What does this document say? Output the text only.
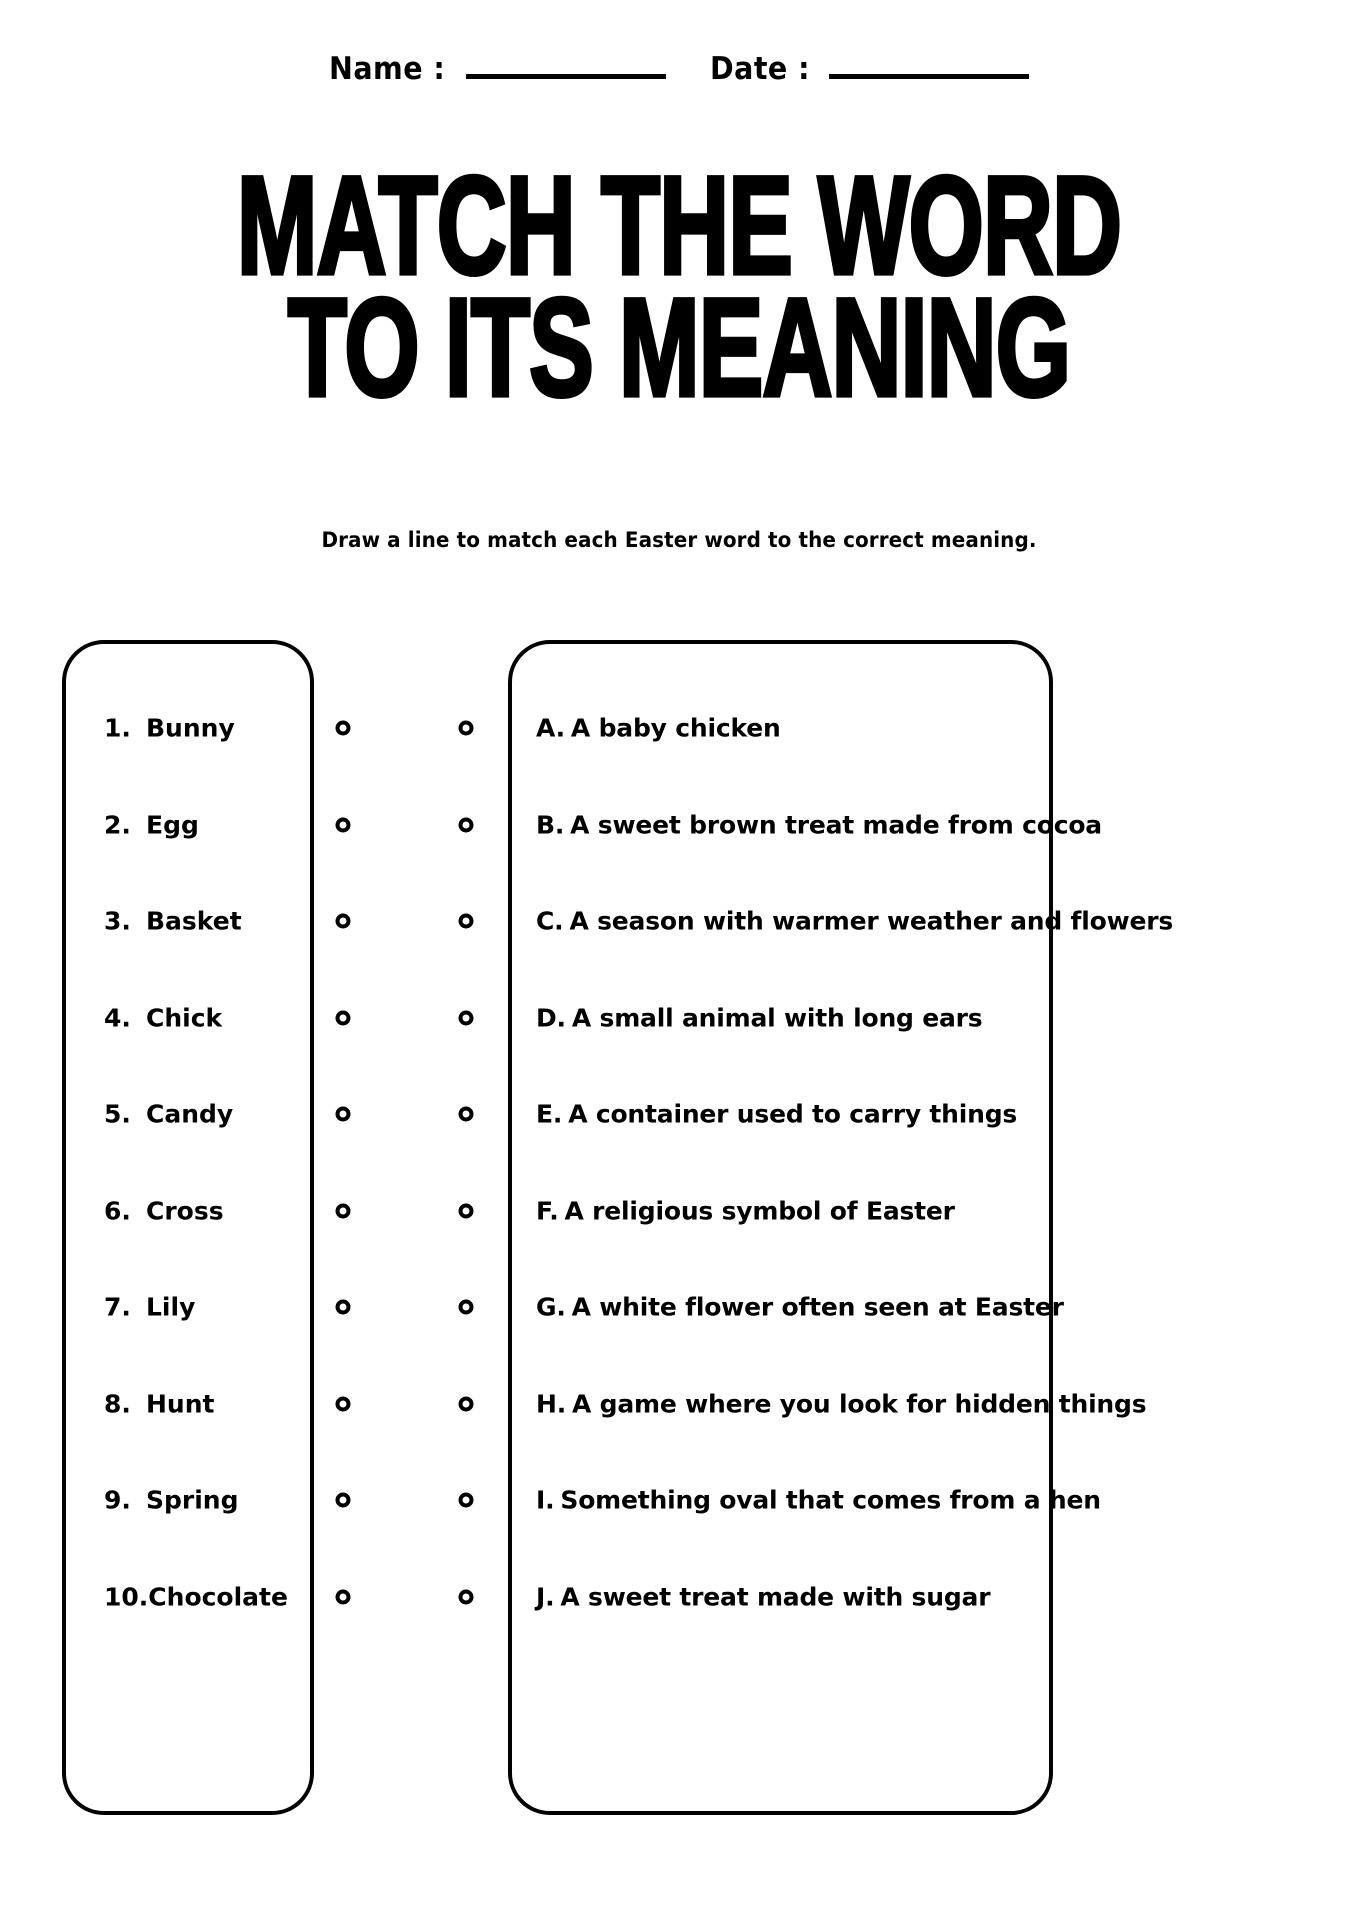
Name :	Date :
MATCH THE WORD
TO ITS MEANING
Draw a line to match each Easter word to the correct meaning.
1. Bunny	A. A baby chicken
2. Egg	B. A sweet brown treat made from cocoa
3. Basket	C. A season with warmer weather and flowers
4. Chick	D. A small animal with long ears
5. Candy	E. A container used to carry things
6. Cross	F. A religious symbol of Easter
7. Lily	G. A white flower often seen at Easter
8. Hunt	H. A game where you look for hidden things
9. Spring	I. Something oval that comes from a hen
10.Chocolate	J. A sweet treat made with sugar
